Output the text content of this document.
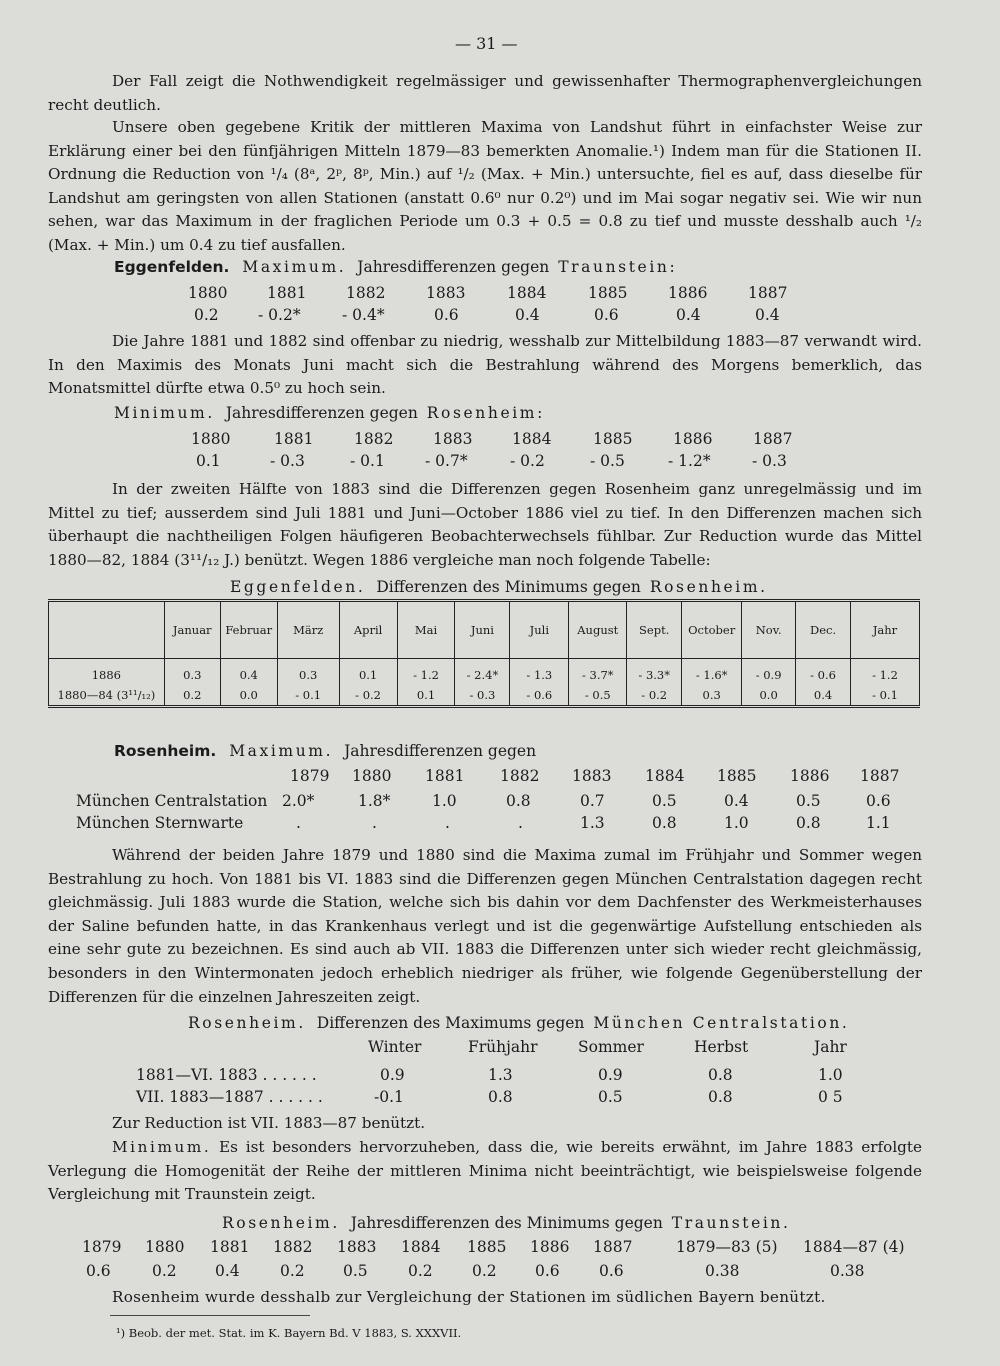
— 31 —
Der Fall zeigt die Nothwendigkeit regelmässiger und gewissenhafter Thermographenvergleichungen recht deutlich.
Unsere oben gegebene Kritik der mittleren Maxima von Landshut führt in einfachster Weise zur Erklärung einer bei den fünfjährigen Mitteln 1879—83 bemerkten Anomalie.¹) Indem man für die Stationen II. Ordnung die Reduction von ¹/₄ (8ᵃ, 2ᵖ, 8ᵖ, Min.) auf ¹/₂ (Max. + Min.) untersuchte, fiel es auf, dass dieselbe für Landshut am geringsten von allen Stationen (anstatt 0.6⁰ nur 0.2⁰) und im Mai sogar negativ sei. Wie wir nun sehen, war das Maximum in der fraglichen Periode um 0.3 + 0.5 = 0.8 zu tief und musste desshalb auch ¹/₂ (Max. + Min.) um 0.4 zu tief ausfallen.
Eggenfelden. Maximum. Jahresdifferenzen gegen Traunstein:
1880	1881	1882	1883	1884	1885	1886	1887
0.2	- 0.2*	- 0.4*	0.6	0.4	0.6	0.4	0.4
Die Jahre 1881 und 1882 sind offenbar zu niedrig, wesshalb zur Mittelbildung 1883—87 verwandt wird. In den Maximis des Monats Juni macht sich die Bestrahlung während des Morgens bemerklich, das Monatsmittel dürfte etwa 0.5⁰ zu hoch sein.
Minimum. Jahresdifferenzen gegen Rosenheim:
1880	1881	1882	1883	1884	1885	1886	1887
0.1	- 0.3	- 0.1	- 0.7*	- 0.2	- 0.5	- 1.2*	- 0.3
In der zweiten Hälfte von 1883 sind die Differenzen gegen Rosenheim ganz unregelmässig und im Mittel zu tief; ausserdem sind Juli 1881 und Juni—October 1886 viel zu tief. In den Differenzen machen sich überhaupt die nachtheiligen Folgen häufigeren Beobachterwechsels fühlbar. Zur Reduction wurde das Mittel 1880—82, 1884 (3¹¹/₁₂ J.) benützt. Wegen 1886 vergleiche man noch folgende Tabelle:
Eggenfelden. Differenzen des Minimums gegen Rosenheim.
	Januar	Februar	März	April	Mai	Juni	Juli	August	Sept.	October	Nov.	Dec.	Jahr
1886	0.3	0.4	0.3	0.1	- 1.2	- 2.4*	- 1.3	- 3.7*	- 3.3*	- 1.6*	- 0.9	- 0.6	- 1.2
1880—84 (3¹¹/₁₂)	0.2	0.0	- 0.1	- 0.2	0.1	- 0.3	- 0.6	- 0.5	- 0.2	0.3	0.0	0.4	- 0.1
Rosenheim. Maximum. Jahresdifferenzen gegen
1879 1880 1881 1882 1883 1884 1885 1886 1887
München Centralstation 2.0*	1.8*	1.0	0.8	0.7	0.5	0.4	0.5	0.6
München Sternwarte	.	.	.	.	1.3	0.8	1.0	0.8	1.1
Während der beiden Jahre 1879 und 1880 sind die Maxima zumal im Frühjahr und Sommer wegen Bestrahlung zu hoch. Von 1881 bis VI. 1883 sind die Differenzen gegen München Centralstation dagegen recht gleichmässig. Juli 1883 wurde die Station, welche sich bis dahin vor dem Dachfenster des Werkmeisterhauses der Saline befunden hatte, in das Krankenhaus verlegt und ist die gegenwärtige Aufstellung entschieden als eine sehr gute zu bezeichnen. Es sind auch ab VII. 1883 die Differenzen unter sich wieder recht gleichmässig, besonders in den Wintermonaten jedoch erheblich niedriger als früher, wie folgende Gegenüberstellung der Differenzen für die einzelnen Jahreszeiten zeigt.
Rosenheim. Differenzen des Maximums gegen München Centralstation.
Winter	Frühjahr	Sommer	Herbst	Jahr
1881—VI. 1883 . . . . . .	0.9	1.3	0.9	0.8	1.0
VII. 1883—1887 . . . . . .	-0.1	0.8	0.5	0.8	0 5
Zur Reduction ist VII. 1883—87 benützt.
Minimum. Es ist besonders hervorzuheben, dass die, wie bereits erwähnt, im Jahre 1883 erfolgte Verlegung die Homogenität der Reihe der mittleren Minima nicht beeinträchtigt, wie beispielsweise folgende Vergleichung mit Traunstein zeigt.
Rosenheim. Jahresdifferenzen des Minimums gegen Traunstein.
1879 1880 1881 1882 1883 1884 1885 1886 1887	1879—83 (5) 1884—87 (4)
0.6	0.2 0.4	0.2 0.5	0.2	0.2 0.6	0.6	0.38	0.38
Rosenheim wurde desshalb zur Vergleichung der Stationen im südlichen Bayern benützt.
¹) Beob. der met. Stat. im K. Bayern Bd. V 1883, S. XXXVII.
